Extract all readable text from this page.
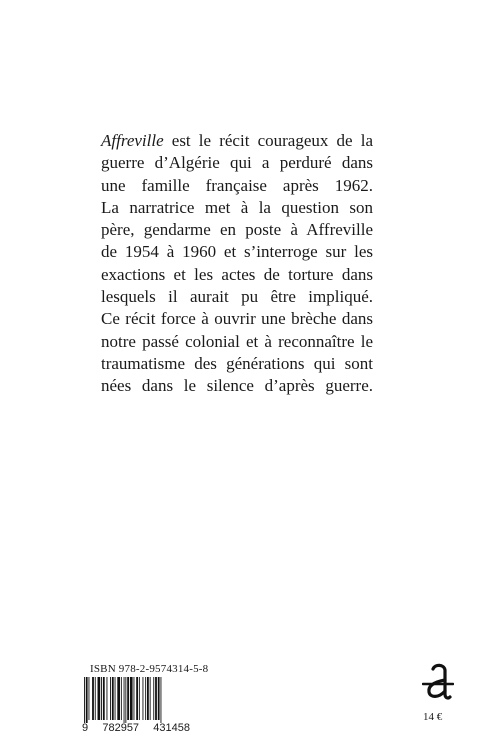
Affreville est le récit courageux de la
guerre d’Algérie qui a perduré dans
une famille française après 1962.
La narratrice met à la question son
père, gendarme en poste à Affreville
de 1954 à 1960 et s’interroge sur les
exactions et les actes de torture dans
lesquels il aurait pu être impliqué.
Ce récit force à ouvrir une brèche dans
notre passé colonial et à reconnaître le
traumatisme des générations qui sont
nées dans le silence d’après guerre.
ISBN 978-2-9574314-5-8
9 782957 431458
14 €
